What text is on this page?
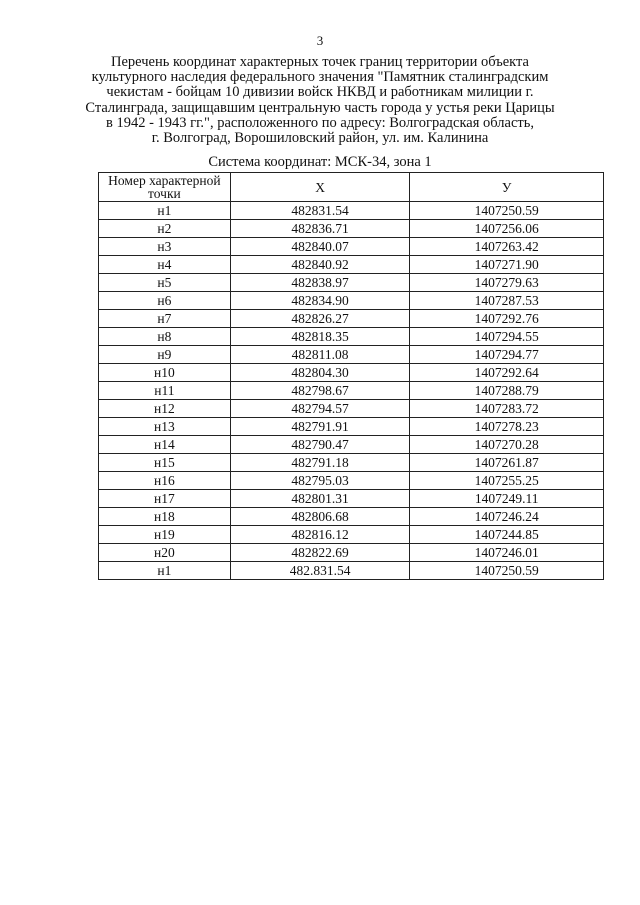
3
Перечень координат характерных точек границ территории объекта
культурного наследия федерального значения "Памятник сталинградским
чекистам - бойцам 10 дивизии войск НКВД и работникам милиции г.
Сталинграда, защищавшим центральную часть города у устья реки Царицы
в 1942 - 1943 гг.", расположенного по адресу: Волгоградская область,
г. Волгоград, Ворошиловский район, ул. им. Калинина
Система координат: МСК-34, зона 1
Номер характерной точки	Х	У
н1	482831.54	1407250.59
н2	482836.71	1407256.06
н3	482840.07	1407263.42
н4	482840.92	1407271.90
н5	482838.97	1407279.63
н6	482834.90	1407287.53
н7	482826.27	1407292.76
н8	482818.35	1407294.55
н9	482811.08	1407294.77
н10	482804.30	1407292.64
н11	482798.67	1407288.79
н12	482794.57	1407283.72
н13	482791.91	1407278.23
н14	482790.47	1407270.28
н15	482791.18	1407261.87
н16	482795.03	1407255.25
н17	482801.31	1407249.11
н18	482806.68	1407246.24
н19	482816.12	1407244.85
н20	482822.69	1407246.01
н1	482.831.54	1407250.59
